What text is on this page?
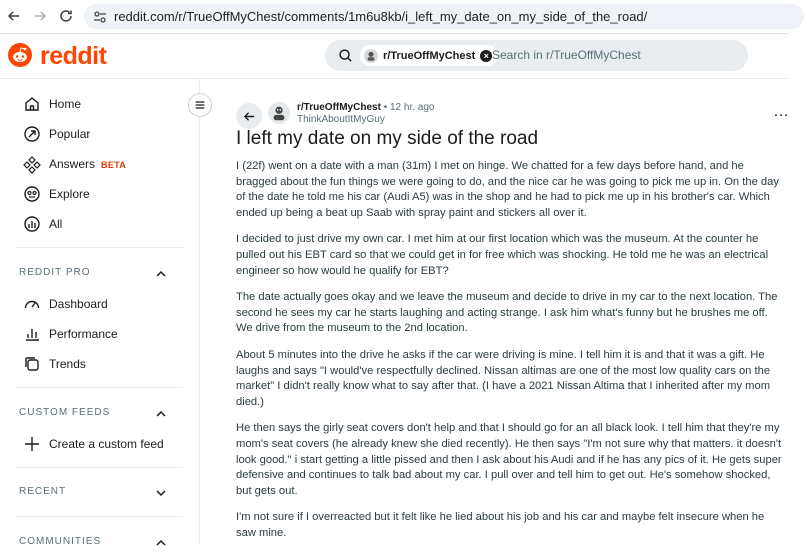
reddit.com/r/TrueOffMyChest/comments/1m6u8kb/i_left_my_date_on_my_side_of_the_road/
reddit	r/TrueOffMyChest × Search in r/TrueOffMyChest
Home
Popular
Answers BETA
Explore
All
REDDIT PRO
Dashboard
Performance
Trends
CUSTOM FEEDS
Create a custom feed
RECENT
COMMUNITIES
r/TrueOffMyChest • 12 hr. ago
ThinkAboutItMyGuy	…
I left my date on my side of the road

I (22f) went on a date with a man (31m) I met on hinge. We chatted for a few days before hand, and he bragged about the fun things we were going to do, and the nice car he was going to pick me up in. On the day of the date he told me his car (Audi A5) was in the shop and he had to pick me up in his brother's car. Which ended up being a beat up Saab with spray paint and stickers all over it.

I decided to just drive my own car. I met him at our first location which was the museum. At the counter he pulled out his EBT card so that we could get in for free which was shocking. He told me he was an electrical engineer so how would he qualify for EBT?

The date actually goes okay and we leave the museum and decide to drive in my car to the next location. The second he sees my car he starts laughing and acting strange. I ask him what's funny but he brushes me off. We drive from the museum to the 2nd location.

About 5 minutes into the drive he asks if the car were driving is mine. I tell him it is and that it was a gift. He laughs and says "I would've respectfully declined. Nissan altimas are one of the most low quality cars on the market" I didn't really know what to say after that. (I have a 2021 Nissan Altima that I inherited after my mom died.)

He then says the girly seat covers don't help and that I should go for an all black look. I tell him that they're my mom's seat covers (he already knew she died recently). He then says "I'm not sure why that matters. it doesn't look good." i start getting a little pissed and then I ask about his Audi and if he has any pics of it. He gets super defensive and continues to talk bad about my car. I pull over and tell him to get out. He's somehow shocked, but gets out.

I'm not sure if I overreacted but it felt like he lied about his job and his car and maybe felt insecure when he saw mine.
